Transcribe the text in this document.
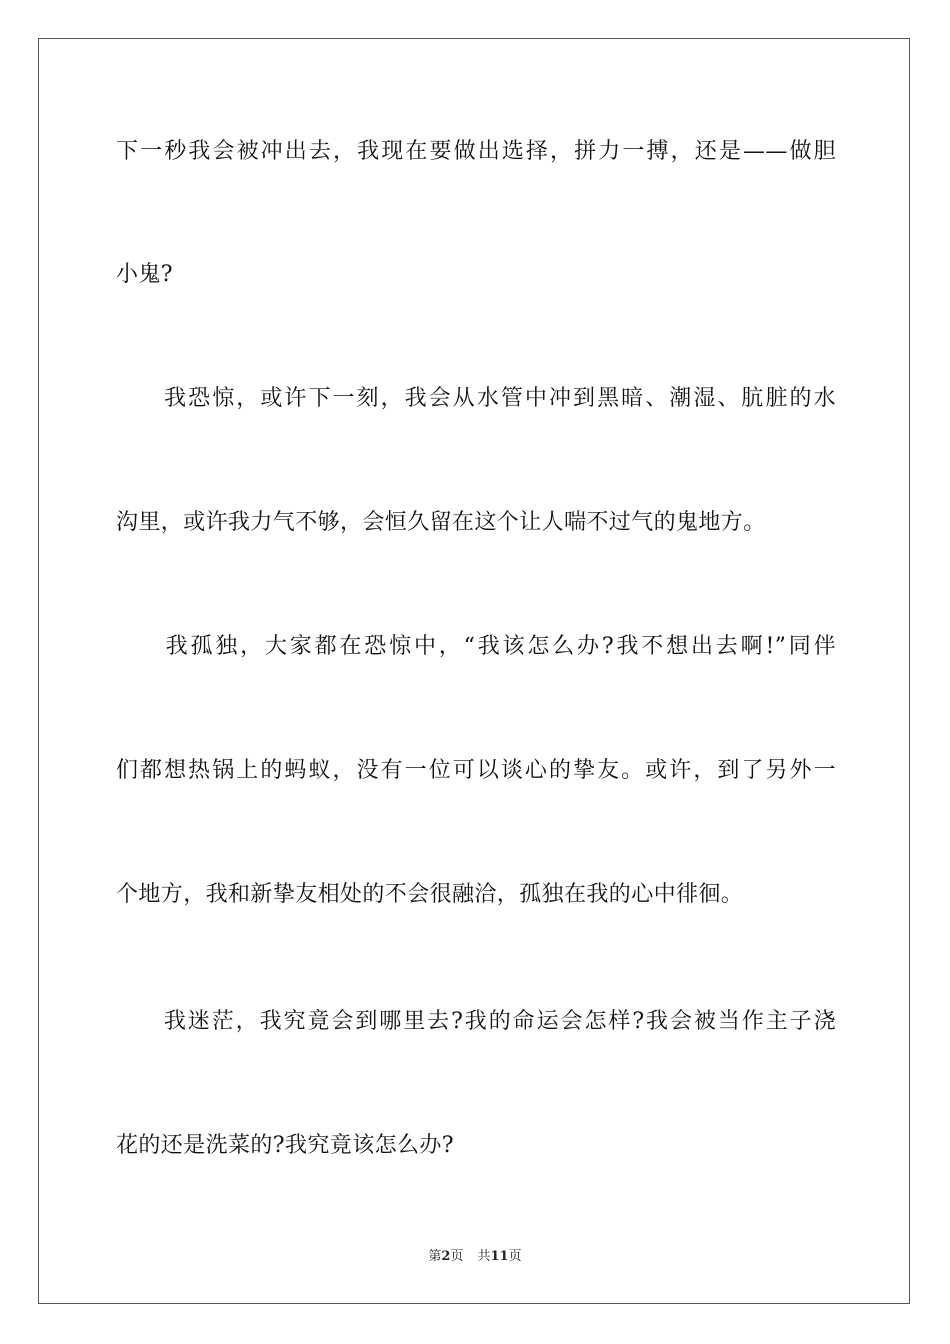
下一秒我会被冲出去，我现在要做出选择，拼力一搏，还是——做胆
小鬼?
　　我恐惊，或许下一刻，我会从水管中冲到黑暗、潮湿、肮脏的水
沟里，或许我力气不够，会恒久留在这个让人喘不过气的鬼地方。
　　我孤独，大家都在恐惊中，“我该怎么办?我不想出去啊!”同伴
们都想热锅上的蚂蚁，没有一位可以谈心的挚友。或许，到了另外一
个地方，我和新挚友相处的不会很融洽，孤独在我的心中徘徊。
　　我迷茫，我究竟会到哪里去?我的命运会怎样?我会被当作主子浇
花的还是洗菜的?我究竟该怎么办?
第2页 共11页
